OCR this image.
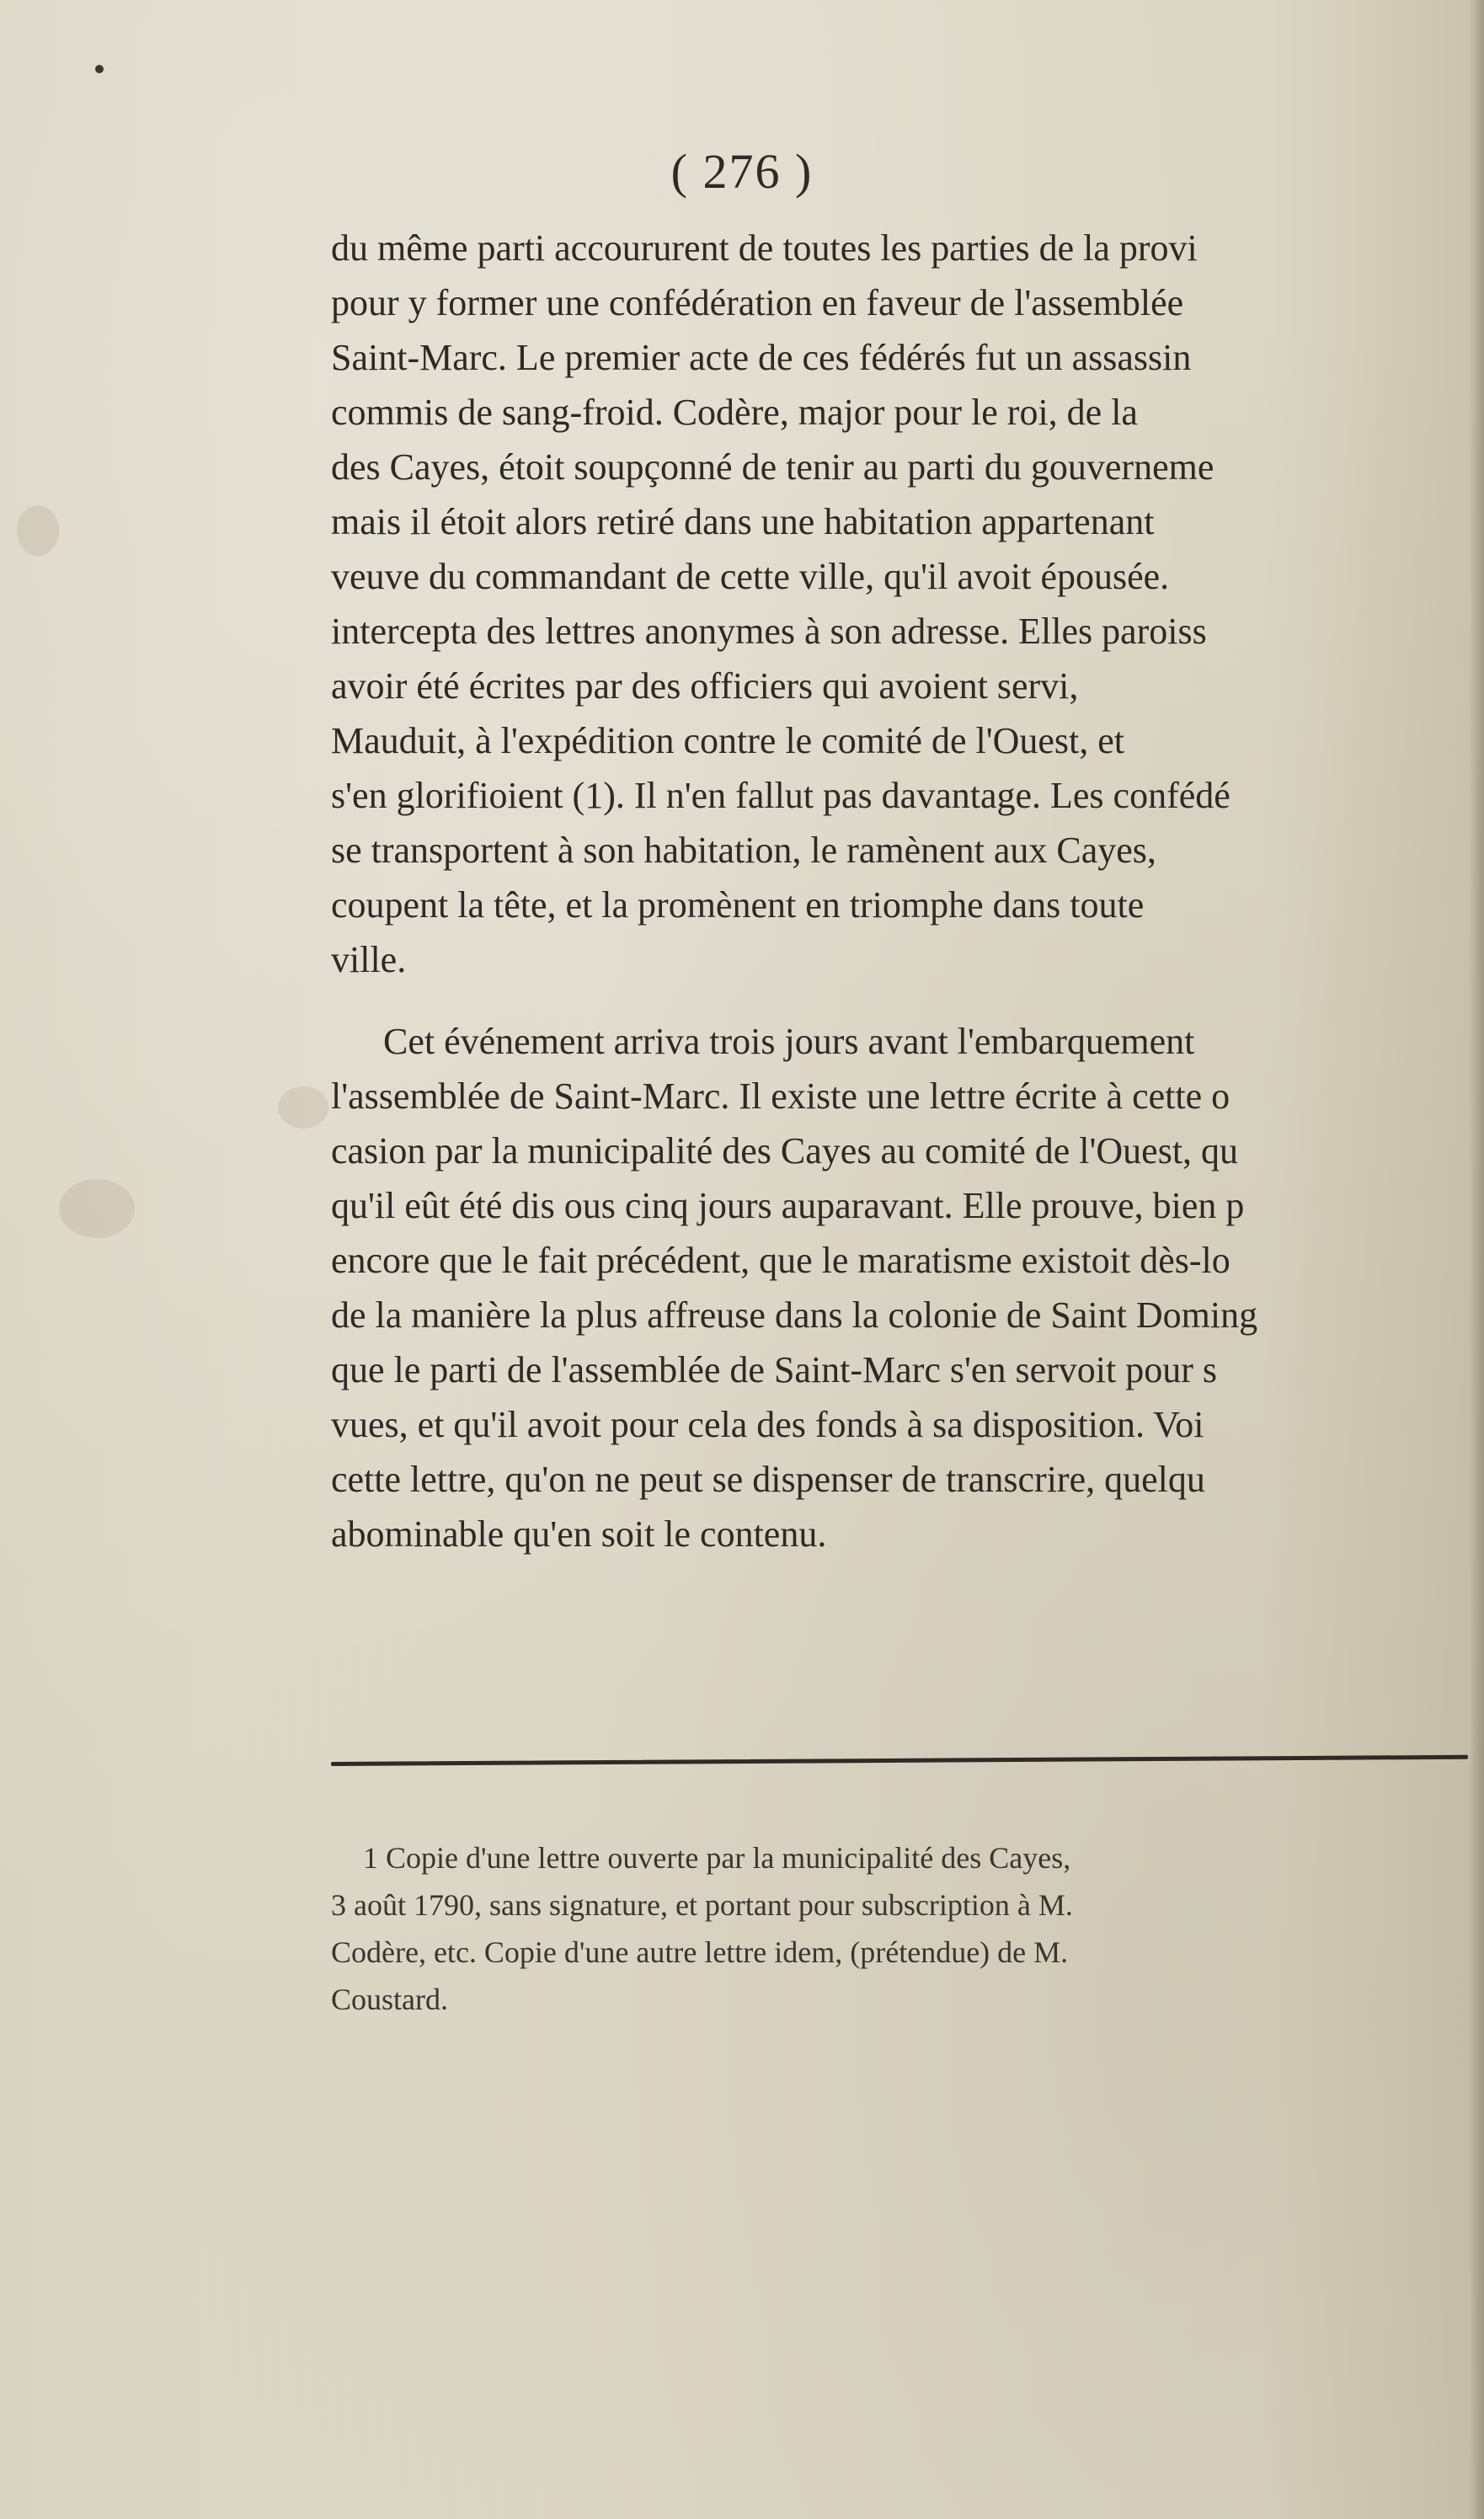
( 276 )
du même parti accoururent de toutes les parties de la provi
pour y former une confédération en faveur de l'assemblée
Saint-Marc. Le premier acte de ces fédérés fut un assassin
commis de sang-froid. Codère, major pour le roi, de la
des Cayes, étoit soupçonné de tenir au parti du gouverneme
mais il étoit alors retiré dans une habitation appartenant
veuve du commandant de cette ville, qu'il avoit épousée.
intercepta des lettres anonymes à son adresse. Elles paroiss
avoir été écrites par des officiers qui avoient servi,
Mauduit, à l'expédition contre le comité de l'Ouest, et
s'en glorifioient (1). Il n'en fallut pas davantage. Les confédé
se transportent à son habitation, le ramènent aux Cayes,
coupent la tête, et la promènent en triomphe dans toute
ville.
Cet événement arriva trois jours avant l'embarquement
l'assemblée de Saint-Marc. Il existe une lettre écrite à cette o
casion par la municipalité des Cayes au comité de l'Ouest, qu
qu'il eût été dis ous cinq jours auparavant. Elle prouve, bien p
encore que le fait précédent, que le maratisme existoit dès-lo
de la manière la plus affreuse dans la colonie de Saint Doming
que le parti de l'assemblée de Saint-Marc s'en servoit pour s
vues, et qu'il avoit pour cela des fonds à sa disposition. Voi
cette lettre, qu'on ne peut se dispenser de transcrire, quelqu
abominable qu'en soit le contenu.
1 Copie d'une lettre ouverte par la municipalité des Cayes,
3 août 1790, sans signature, et portant pour subscription à M.
Codère, etc. Copie d'une autre lettre idem, (prétendue) de M.
Coustard.
